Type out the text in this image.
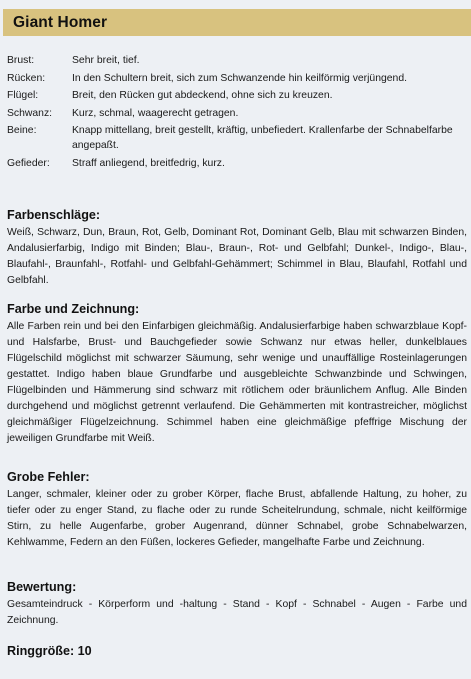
Giant Homer
Brust:	Sehr breit, tief.
Rücken:	In den Schultern breit, sich zum Schwanzende hin keilförmig verjüngend.
Flügel:	Breit, den Rücken gut abdeckend, ohne sich zu kreuzen.
Schwanz:	Kurz, schmal, waagerecht getragen.
Beine:	Knapp mittellang, breit gestellt, kräftig, unbefiedert. Krallenfarbe der Schnabelfarbe angepaßt.
Gefieder:	Straff anliegend, breitfedrig, kurz.
Farbenschläge:

Weiß, Schwarz, Dun, Braun, Rot, Gelb, Dominant Rot, Dominant Gelb, Blau mit schwarzen Binden, Andalusierfarbig, Indigo mit Binden; Blau-, Braun-, Rot- und Gelbfahl; Dunkel-, Indigo-, Blau-, Blaufahl-, Braunfahl-, Rotfahl- und Gelbfahl-Gehämmert; Schimmel in Blau, Blaufahl, Rotfahl und Gelbfahl.

Farbe und Zeichnung:

Alle Farben rein und bei den Einfarbigen gleichmäßig. Andalusierfarbige haben schwarzblaue Kopf- und Halsfarbe, Brust- und Bauchgefieder sowie Schwanz nur etwas heller, dunkelblaues Flügelschild möglichst mit schwarzer Säumung, sehr wenige und unauffällige Rosteinlagerungen gestattet. Indigo haben blaue Grundfarbe und ausgebleichte Schwanzbinde und Schwingen, Flügelbinden und Hämmerung sind schwarz mit rötlichem oder bräunlichem Anflug. Alle Binden durchgehend und möglichst getrennt verlaufend. Die Gehämmerten mit kontrastreicher, möglichst gleichmäßiger Flügelzeichnung. Schimmel haben eine gleichmäßige pfeffrige Mischung der jeweiligen Grundfarbe mit Weiß.

Grobe Fehler:

Langer, schmaler, kleiner oder zu grober Körper, flache Brust, abfallende Haltung, zu hoher, zu tiefer oder zu enger Stand, zu flache oder zu runde Scheitelrundung, schmale, nicht keilförmige Stirn, zu helle Augenfarbe, grober Augenrand, dünner Schnabel, grobe Schnabelwarzen, Kehlwamme, Federn an den Füßen, lockeres Gefieder, mangelhafte Farbe und Zeichnung.

Bewertung:

Gesamteindruck - Körperform und -haltung - Stand - Kopf - Schnabel - Augen - Farbe und Zeichnung.

Ringgröße: 10
